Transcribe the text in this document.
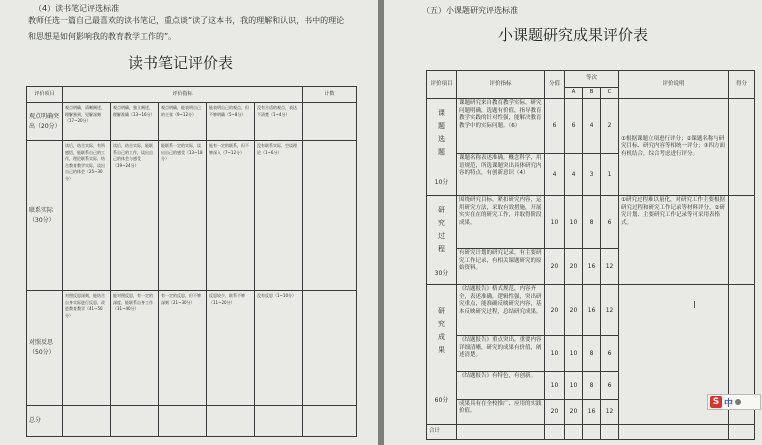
（4）读书笔记评选标准
教师任选一篇自己最喜欢的读书笔记，重点谈“读了这本书，我的理解和认识，书中的理论和思想是如何影响我的教育教学工作的”。
读书笔记评价表
评价项目	评价指标					计数
观点明确突出（20分）	观点明确，清晰阐述，理解独到，见解深刻（17~20分）	观点明确，独立阐述，理解准确（13~16分）	观点明确，能表明自己的主张（9~12分）	能表明自己的观点，但不够明确（5~8分）	没有合适的观点，表达不清楚（1~4分）	
联系实际（30分）	读后，结合实际，有所感悟，能联系自己的工作，理论联系实际，结合教育教学实际，谈出自己的体会（25~30分）	读后，结合实际，能联系自己的工作，谈出自己的体会与感受（19~24分）	能联系一定的实际，谈出自己的感受（13~18分）	能有一定的联系，但不够深入（7~12分）	没有联系实际，空谈理论（1~6分）	
对照反思（50分）	对照反思深刻，能结合自身实际进行反思，改进教育教学（41~50分）	能对照反思，有一定的深度，能联系自身工作（31~40分）	有一定的反思，但不够深刻（21~30分）	反思较少，联系不够（11~20分）	没有反思（1~10分）	
总分						
（五）小课题研究评选标准
小课题研究成果评价表
评价项目	评价指标	分值	等次			评价说明	得分
			A	B	C		

课题选题
10分	课题研究来自教育教学实际，研究问题明确，选题有价值，指导教育教学实践的针对性强，能解决教育教学中的实际问题。（6）	6	6	4	2	①根据课题立项进行评分；②课题名称与研究目标、研究内容等相统一评分；③四方面有机结合，综合考虑进行评分。	
	课题名称表述准确，概念科学，用语规范，所选课题突出具体研究内容的特点，有创新意识（4）	4	4	3	1		

研究过程
30分	围绕研究目标，紧扣研究内容，运用研究方法，采取有效措施，开展实实在在的研究工作，并取得阶段成果。	10	10	8	6	①研究过程难以量化，对研究工作主要根据研究过程和研究工作记录等材料评分。②研究计划、主要研究工作记录等可采用表格式。	
	有研究计划的研究记录，有主要研究工作记录，有相关课题研究的原始资料。	20	20	16	12		

研究成果
60分	《结题报告》格式规范，内容齐全，表述准确，逻辑性强，突出研究重点，能准确反映研究内容，基本反映研究过程，总结研究成果。	20	20	16	12		
	《结题报告》重点突出，重要内容详细清晰，研究的成果有价值，阐述清楚。	10	10	8	6		
	《结题报告》有特色，有创新。	10	10	8	6		
	成果具有在全校推广、应用的实践价值。	20	20	16	12		
合计							
I
S 中
